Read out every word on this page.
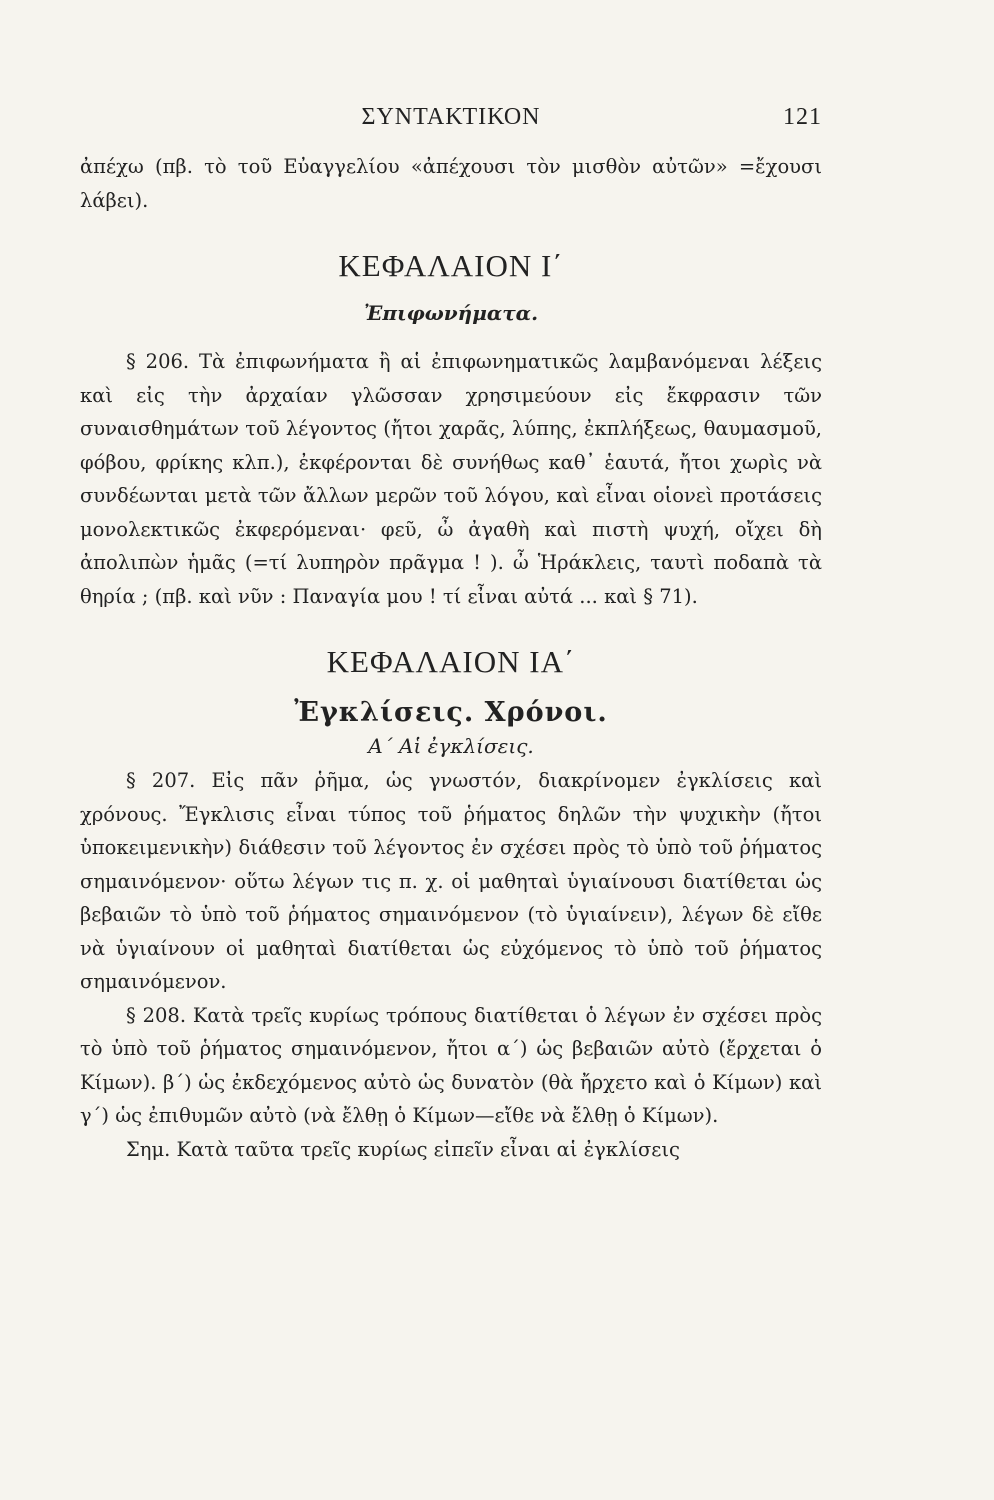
ΣΥΝΤΑΚΤΙΚΟΝ	121

ἀπέχω (πβ. τὸ τοῦ Εὐαγγελίου «ἀπέχουσι τὸν μισθὸν αὐτῶν» =ἔχουσι λάβει).

ΚΕΦΑΛΑΙΟΝ Ι΄
Ἐπιφωνήματα.

§ 206. Τὰ ἐπιφωνήματα ἢ αἱ ἐπιφωνηματικῶς λαμβανόμεναι λέξεις καὶ εἰς τὴν ἀρχαίαν γλῶσσαν χρησιμεύουν εἰς ἔκφρασιν τῶν συναισθημάτων τοῦ λέγοντος (ἤτοι χαρᾶς, λύπης, ἐκπλήξεως, θαυμασμοῦ, φόβου, φρίκης κλπ.), ἐκφέρονται δὲ συνήθως καθ᾽ ἑαυτά, ἤτοι χωρὶς νὰ συνδέωνται μετὰ τῶν ἄλλων μερῶν τοῦ λόγου, καὶ εἶναι οἱονεὶ προτάσεις μονολεκτικῶς ἐκφερόμεναι· φεῦ, ὦ ἀγαθὴ καὶ πιστὴ ψυχή, οἴχει δὴ ἀπολιπὼν ἡμᾶς (=τί λυπηρὸν πρᾶγμα ! ). ὦ Ἡράκλεις, ταυτὶ ποδαπὰ τὰ θηρία ; (πβ. καὶ νῦν : Παναγία μου ! τί εἶναι αὐτά ... καὶ § 71).

ΚΕΦΑΛΑΙΟΝ ΙΑ΄
Ἐγκλίσεις. Χρόνοι.
Α΄ Αἱ ἐγκλίσεις.

§ 207. Εἰς πᾶν ῥῆμα, ὡς γνωστόν, διακρίνομεν ἐγκλίσεις καὶ χρόνους. Ἔγκλισις εἶναι τύπος τοῦ ῥήματος δηλῶν τὴν ψυχικὴν (ἤτοι ὑποκειμενικὴν) διάθεσιν τοῦ λέγοντος ἐν σχέσει πρὸς τὸ ὑπὸ τοῦ ῥήματος σημαινόμενον· οὕτω λέγων τις π. χ. οἱ μαθηταὶ ὑγιαίνουσι διατίθεται ὡς βεβαιῶν τὸ ὑπὸ τοῦ ῥήματος σημαινόμενον (τὸ ὑγιαίνειν), λέγων δὲ εἴθε νὰ ὑγιαίνουν οἱ μαθηταὶ διατίθεται ὡς εὐχόμενος τὸ ὑπὸ τοῦ ῥήματος σημαινόμενον.

§ 208. Κατὰ τρεῖς κυρίως τρόπους διατίθεται ὁ λέγων ἐν σχέσει πρὸς τὸ ὑπὸ τοῦ ῥήματος σημαινόμενον, ἤτοι α΄) ὡς βεβαιῶν αὐτὸ (ἔρχεται ὁ Κίμων). β΄) ὡς ἐκδεχόμενος αὐτὸ ὡς δυνατὸν (θὰ ἤρχετο καὶ ὁ Κίμων) καὶ γ΄) ὡς ἐπιθυμῶν αὐτὸ (νὰ ἔλθῃ ὁ Κίμων—εἴθε νὰ ἔλθῃ ὁ Κίμων).

Σημ. Κατὰ ταῦτα τρεῖς κυρίως εἰπεῖν εἶναι αἱ ἐγκλίσεις
